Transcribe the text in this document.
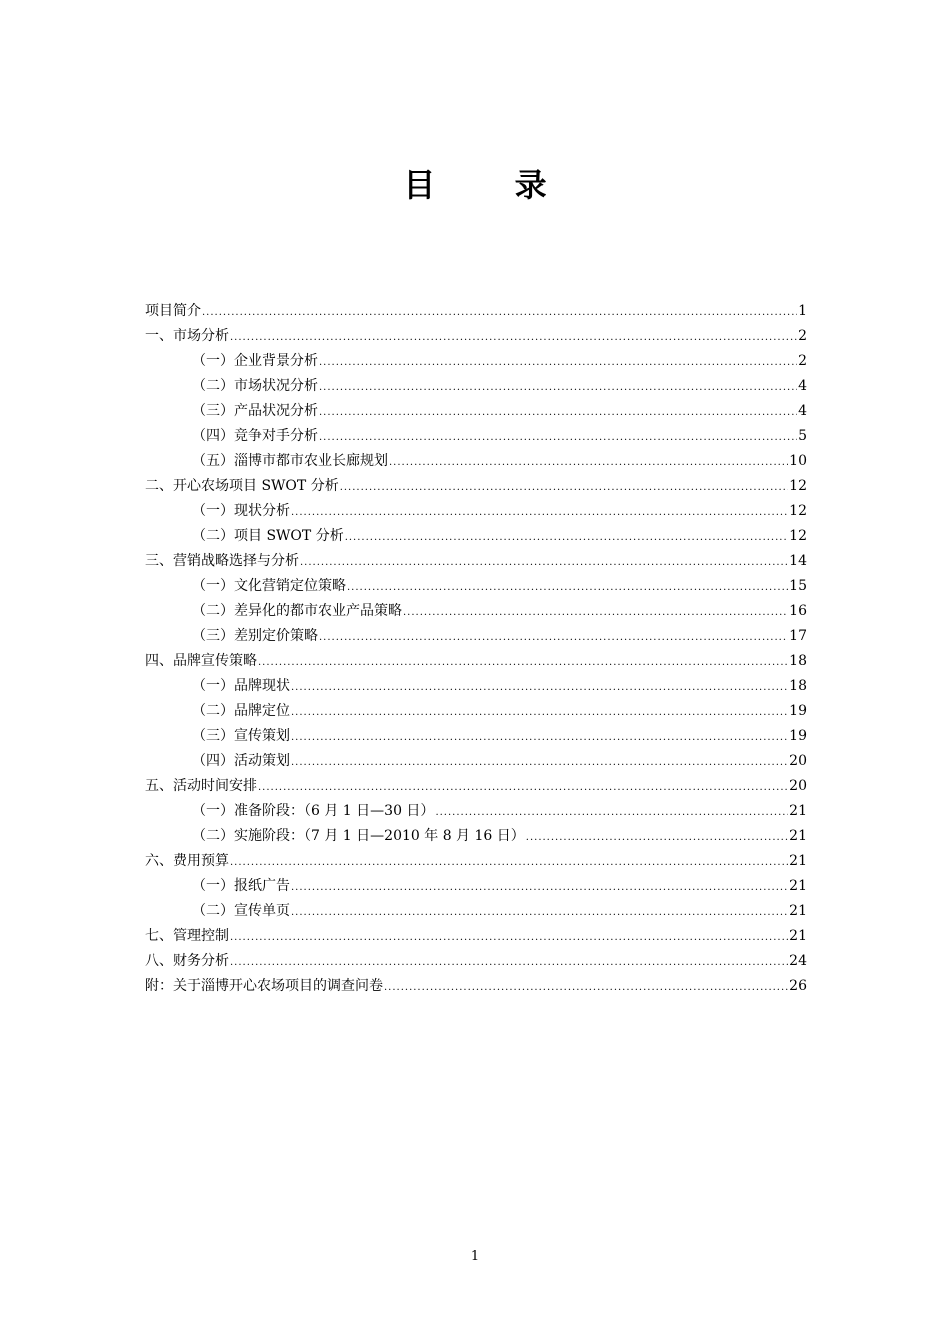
目 录
项目简介 .....	1
一、市场分析 .....	2
（一）企业背景分析 .....	2
（二）市场状况分析 .....	4
（三）产品状况分析 .....	4
（四）竞争对手分析 .....	5
（五）淄博市都市农业长廊规划 .....	10
二、开心农场项目 SWOT 分析 .....	12
（一）现状分析 .....	12
（二）项目 SWOT 分析 .....	12
三、营销战略选择与分析 .....	14
（一）文化营销定位策略 .....	15
（二）差异化的都市农业产品策略 .....	16
（三）差别定价策略 .....	17
四、品牌宣传策略 .....	18
（一）品牌现状 .....	18
（二）品牌定位 .....	19
（三）宣传策划 .....	19
（四）活动策划 .....	20
五、活动时间安排 .....	20
（一）准备阶段：（6 月 1 日—30 日） .....	21
（二）实施阶段：（7 月 1 日—2010 年 8 月 16 日） .....	21
六、费用预算 .....	21
（一）报纸广告 .....	21
（二）宣传单页 .....	21
七、管理控制 .....	21
八、财务分析 .....	24
附：关于淄博开心农场项目的调查问卷 .....	26
1
